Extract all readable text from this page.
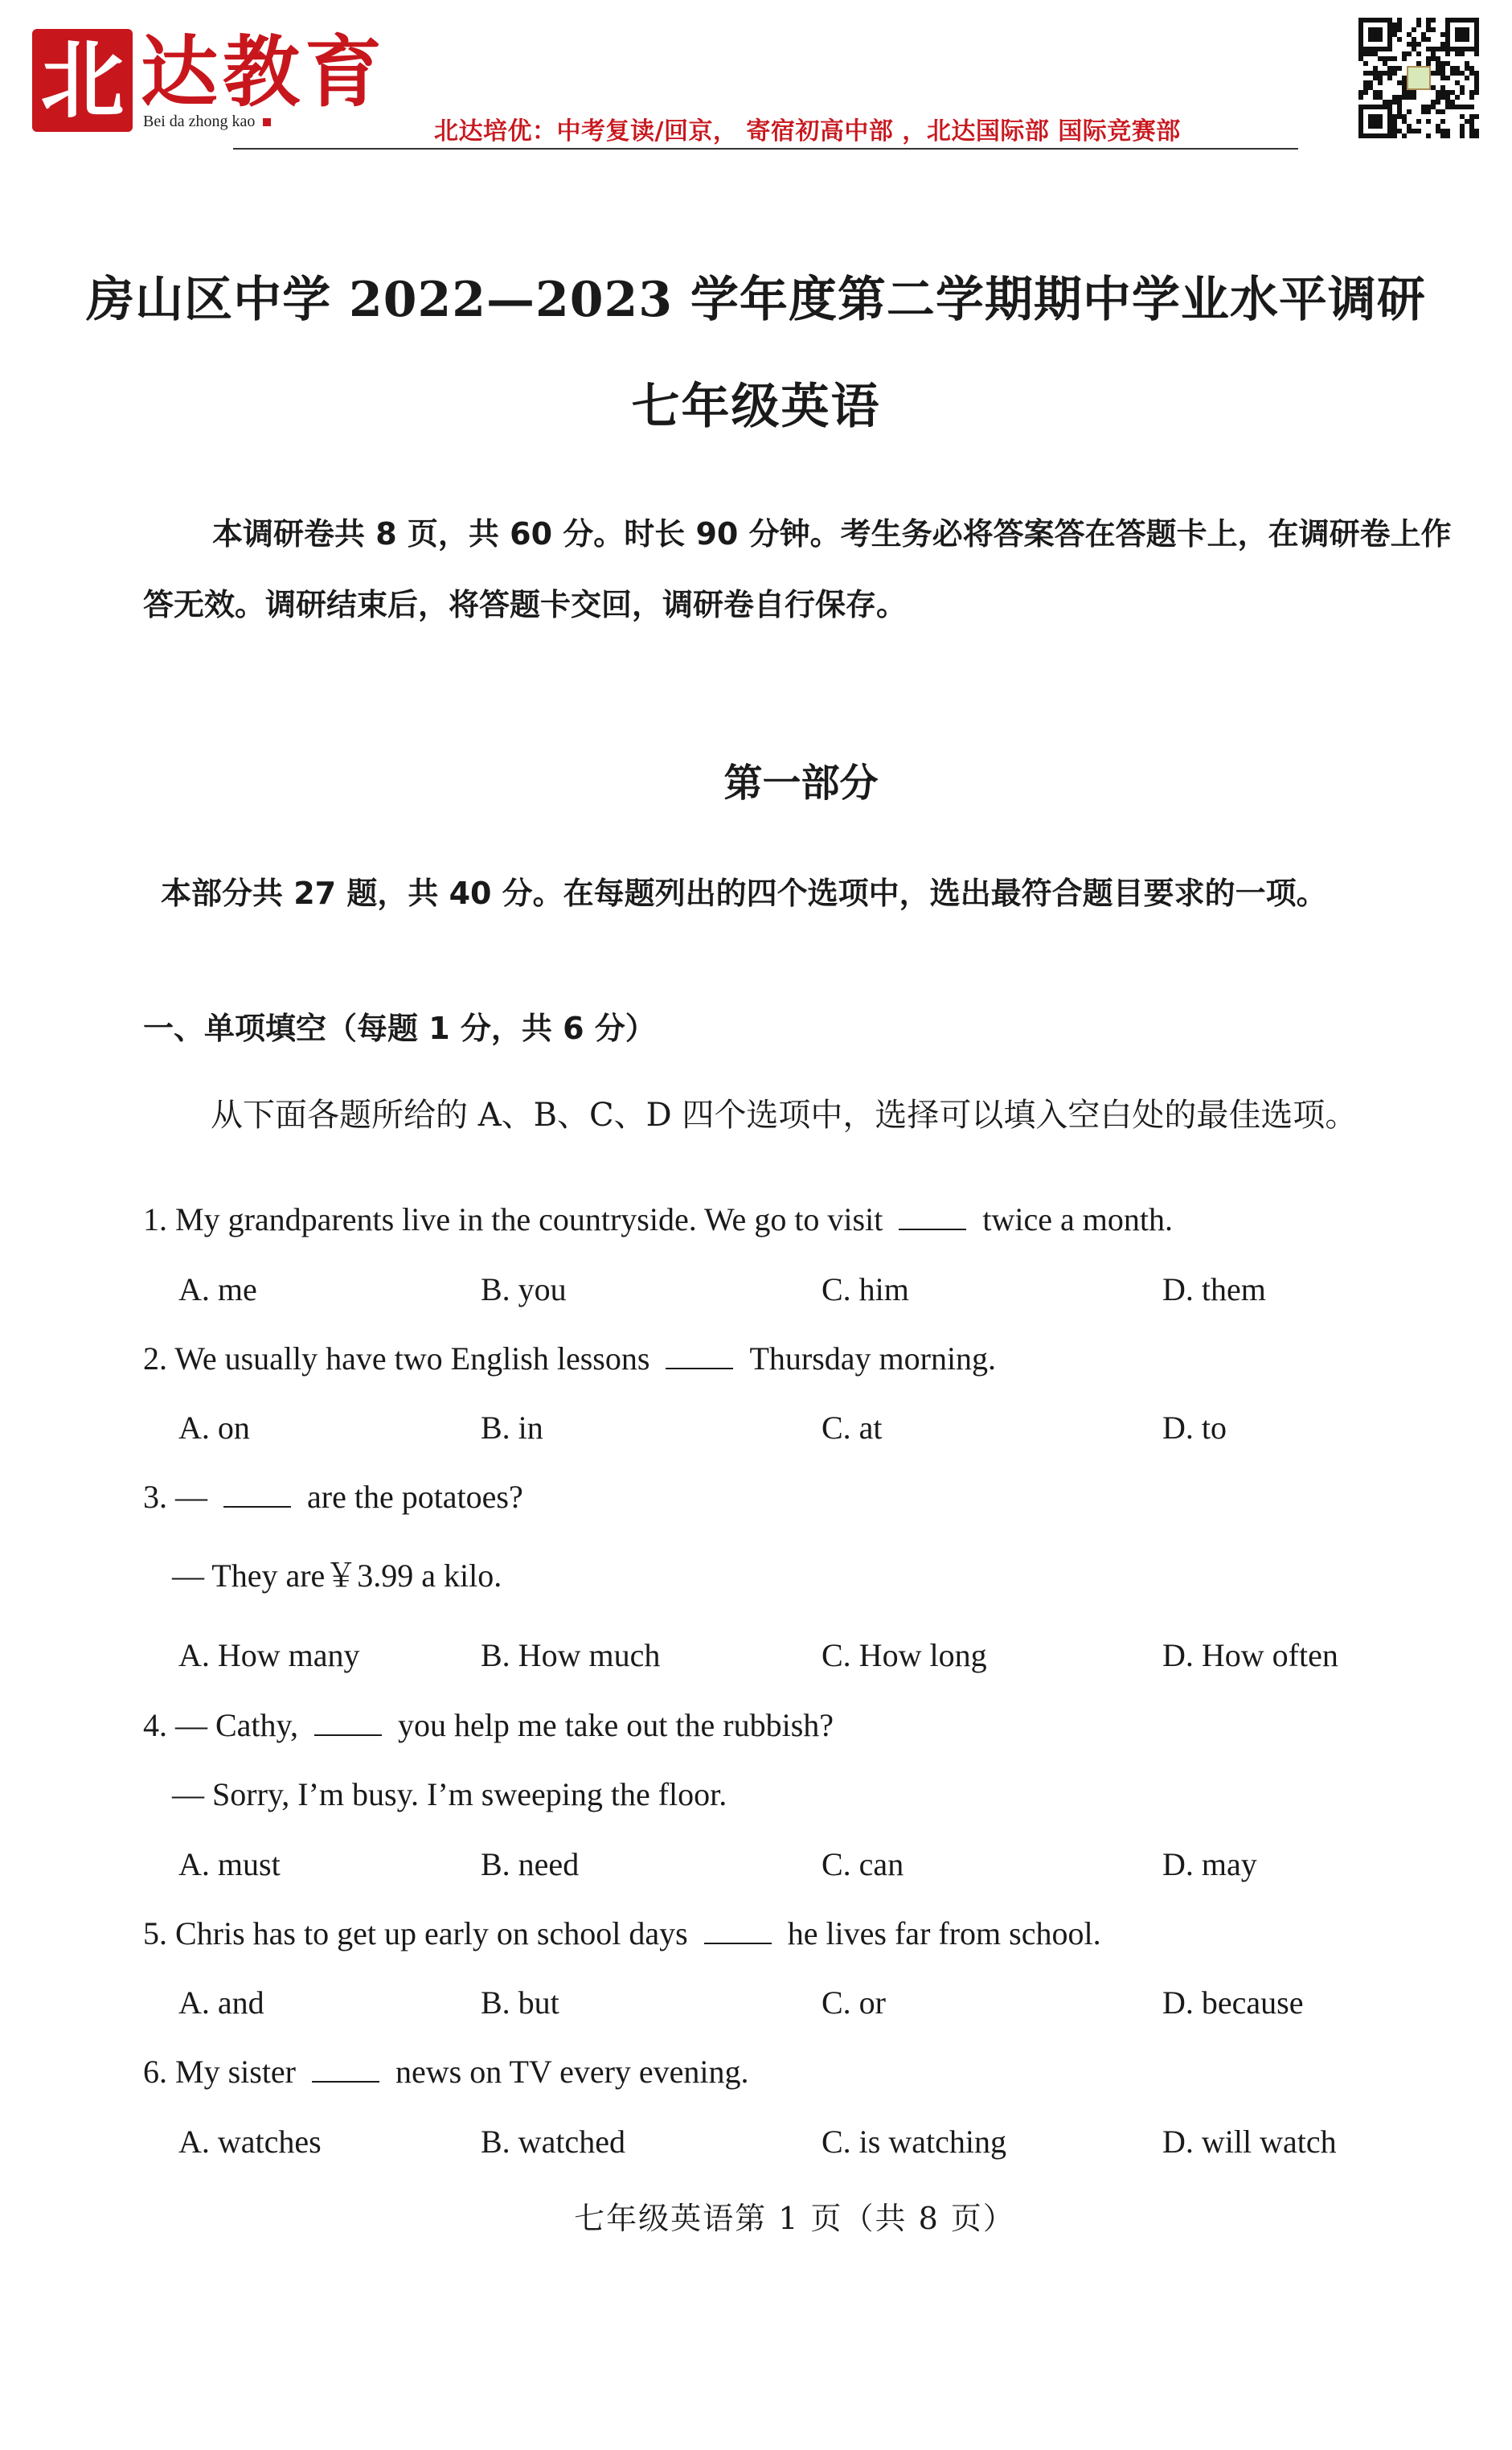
北 达教育
Bei da zhong kao	北达培优：中考复读/回京， 寄宿初高中部 ，北达国际部 国际竞赛部
房山区中学 2022—2023 学年度第二学期期中学业水平调研
七年级英语
本调研卷共 8 页，共 60 分。时长 90 分钟。考生务必将答案答在答题卡上，在调研卷上作答无效。调研结束后，将答题卡交回，调研卷自行保存。
第一部分
本部分共 27 题，共 40 分。在每题列出的四个选项中，选出最符合题目要求的一项。
一、单项填空（每题 1 分，共 6 分）
从下面各题所给的 A、B、C、D 四个选项中，选择可以填入空白处的最佳选项。
1. My grandparents live in the countryside. We go to visit	twice a month.
A. me	B. you	C. him	D. them
2. We usually have two English lessons	Thursday morning.
A. on	B. in	C. at	D. to
3. —	are the potatoes?
— They are￥3.99 a kilo.
A. How many	B. How much	C. How long	D. How often
4. — Cathy,	you help me take out the rubbish?
— Sorry, I’m busy. I’m sweeping the floor.
A. must	B. need	C. can	D. may
5. Chris has to get up early on school days	he lives far from school.
A. and	B. but	C. or	D. because
6. My sister	news on TV every evening.
A. watches	B. watched	C. is watching	D. will watch
七年级英语第 1 页（共 8 页）
